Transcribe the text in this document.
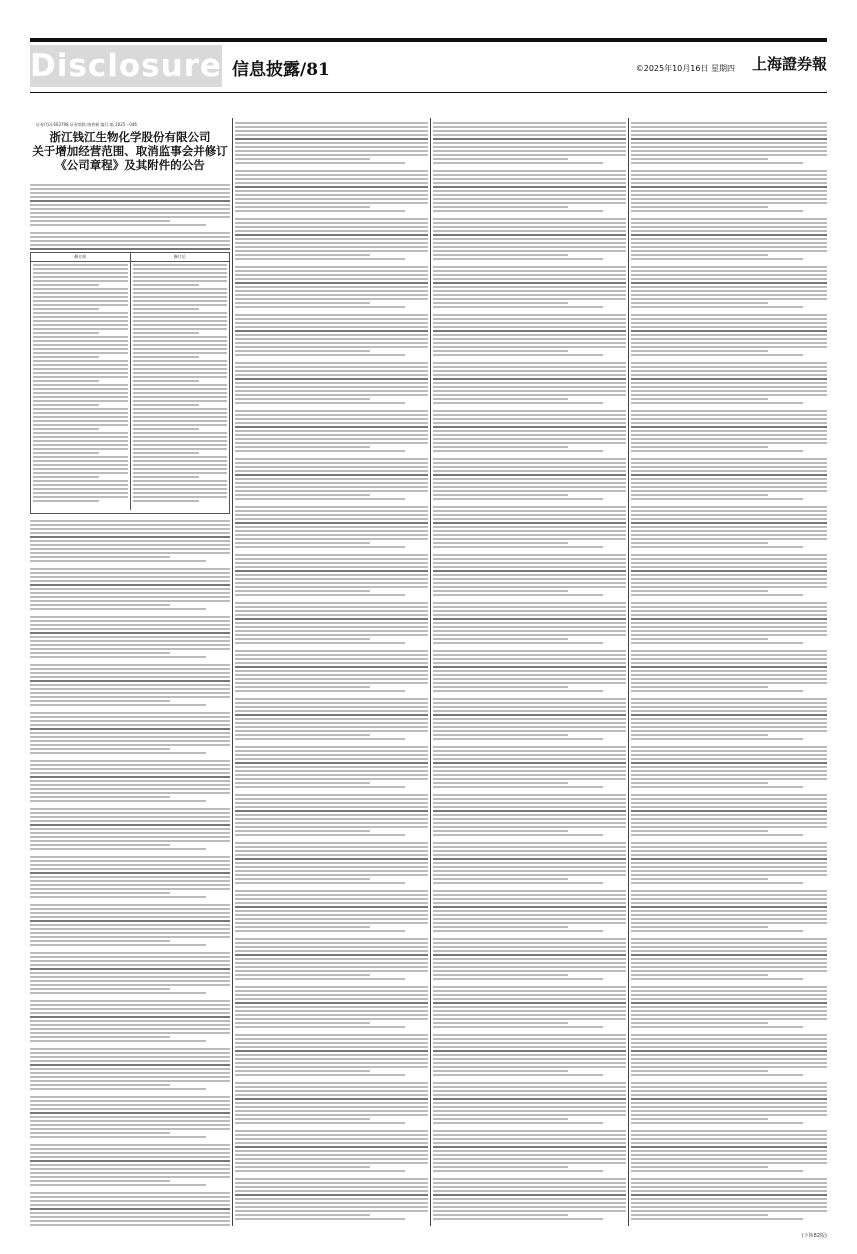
Disclosure 信息披露/81	©2025年10月16日 星期四 上海證券報
证券代码:603798 证券简称:康普顿 编号:临 2025－046
浙江钱江生物化学股份有限公司
关于增加经营范围、取消监事会并修订
《公司章程》及其附件的公告
修订前	修订后
(下转82版)
